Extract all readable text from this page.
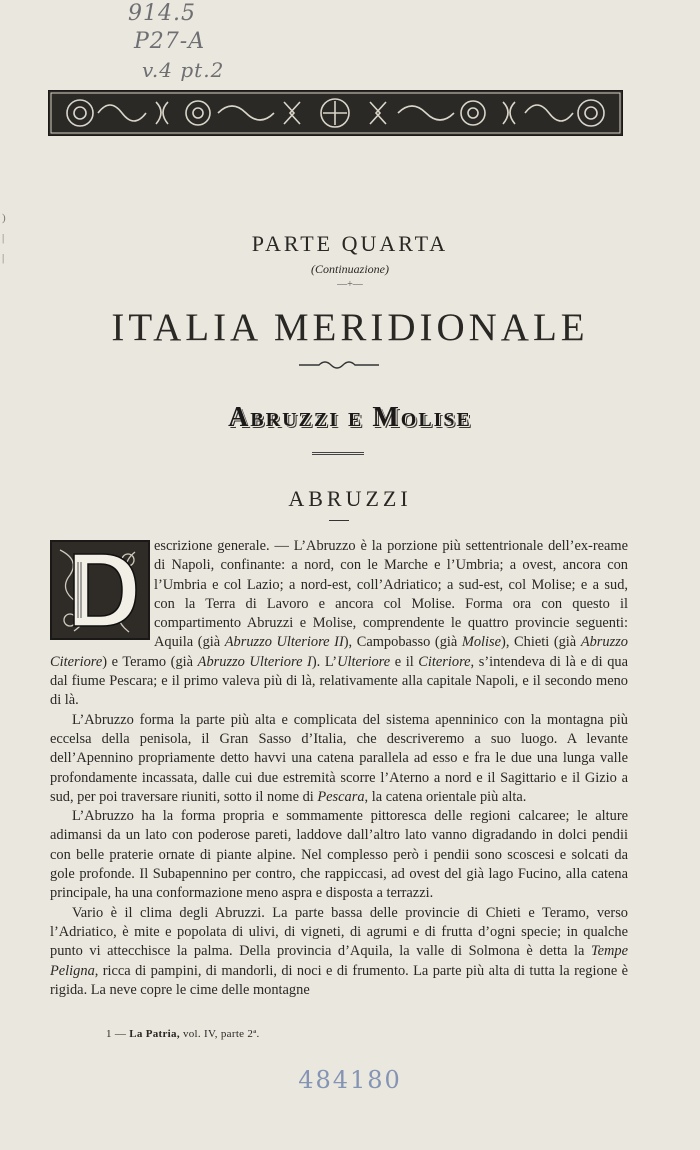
914.5
P27-A
v.4 pt.2
)
|
|
PARTE QUARTA
(Continuazione)
—+—
ITALIA MERIDIONALE
Abruzzi e Molise
ABRUZZI

escrizione generale. — L’Abruzzo è la porzione più settentrionale dell’ex-reame di Napoli, confinante: a nord, con le Marche e l’Umbria; a ovest, ancora con l’Umbria e col Lazio; a nord-est, coll’Adriatico; a sud-est, col Molise; e a sud, con la Terra di Lavoro e ancora col Molise. Forma ora con questo il compartimento Abruzzi e Molise, comprendente le quattro provincie seguenti: Aquila (già Abruzzo Ulteriore II), Campobasso (già Molise), Chieti (già Abruzzo Citeriore) e Teramo (già Abruzzo Ulteriore I). L’Ulteriore e il Citeriore, s’intendeva di là e di qua dal fiume Pescara; e il primo valeva più di là, relativamente alla capitale Napoli, e il secondo meno di là.

L’Abruzzo forma la parte più alta e complicata del sistema apenninico con la montagna più eccelsa della penisola, il Gran Sasso d’Italia, che descriveremo a suo luogo. A levante dell’Apennino propriamente detto havvi una catena parallela ad esso e fra le due una lunga valle profondamente incassata, dalle cui due estremità scorre l’Aterno a nord e il Sagittario e il Gizio a sud, per poi traversare riuniti, sotto il nome di Pescara, la catena orientale più alta.

L’Abruzzo ha la forma propria e sommamente pittoresca delle regioni calcaree; le alture adimansi da un lato con poderose pareti, laddove dall’altro lato vanno digradando in dolci pendii con belle praterie ornate di piante alpine. Nel complesso però i pendii sono scoscesi e solcati da gole profonde. Il Subapennino per contro, che rappiccasi, ad ovest del già lago Fucino, alla catena principale, ha una conformazione meno aspra e disposta a terrazzi.

Vario è il clima degli Abruzzi. La parte bassa delle provincie di Chieti e Teramo, verso l’Adriatico, è mite e popolata di ulivi, di vigneti, di agrumi e di frutta d’ogni specie; in qualche punto vi attecchisce la palma. Della provincia d’Aquila, la valle di Solmona è detta la Tempe Peligna, ricca di pampini, di mandorli, di noci e di frumento. La parte più alta di tutta la regione è rigida. La neve copre le cime delle montagne

1 — La Patria, vol. IV, parte 2ª.
484180
